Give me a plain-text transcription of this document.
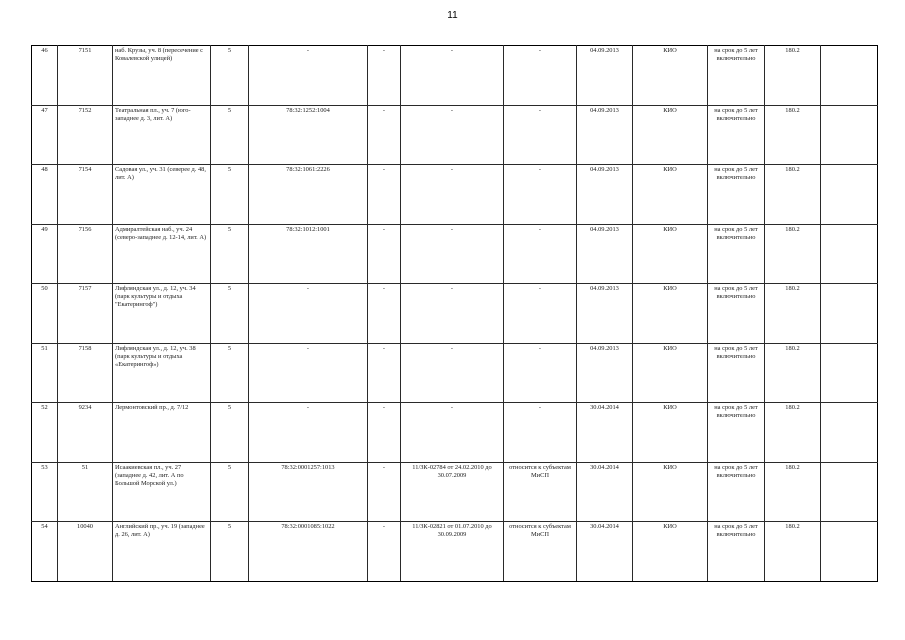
11
46	7151	наб. Крузы, уч. 8 (пересечение с Ковалевской улицей)	5	-	-	-	-	04.09.2013	КИО	на срок до 5 лет включительно	180.2	
47	7152	Театральная пл., уч. 7 (юго-западнее д. 3, лит. А)	5	78:32:1252:1004	-	-	-	04.09.2013	КИО	на срок до 5 лет включительно	180.2	
48	7154	Садовая ул., уч. 31 (северее д. 48, лит. А)	5	78:32:1061:2226	-	-	-	04.09.2013	КИО	на срок до 5 лет включительно	180.2	
49	7156	Адмиралтейская наб., уч. 24 (северо-западнее д. 12-14, лит. А)	5	78:32:1012:1001	-	-	-	04.09.2013	КИО	на срок до 5 лет включительно	180.2	
50	7157	Лифляндская ул., д. 12, уч. 34 (парк культуры и отдыха "Екатерингоф")	5	-	-	-	-	04.09.2013	КИО	на срок до 5 лет включительно	180.2	
51	7158	Лифляндская ул., д. 12, уч. 38 (парк культуры и отдыха «Екатерингоф»)	5	-	-	-	-	04.09.2013	КИО	на срок до 5 лет включительно	180.2	
52	9234	Лермонтовский пр., д. 7/12	5	-	-	-	-	30.04.2014	КИО	на срок до 5 лет включительно	180.2	
53	51	Исаакиевская пл., уч. 27 (западнее д. 42, лит. А по Большой Морской ул.)	5	78:32:0001257:1013	-	11/ЗК-02784 от 24.02.2010 до 30.07.2009	относится к субъектам МиСП	30.04.2014	КИО	на срок до 5 лет включительно	180.2	
54	10040	Английский пр., уч. 19 (западнее д. 26, лит. А)	5	78:32:0001085:1022	-	11/ЗК-02821 от 01.07.2010 до 30.09.2009	относится к субъектам МиСП	30.04.2014	КИО	на срок до 5 лет включительно	180.2	
